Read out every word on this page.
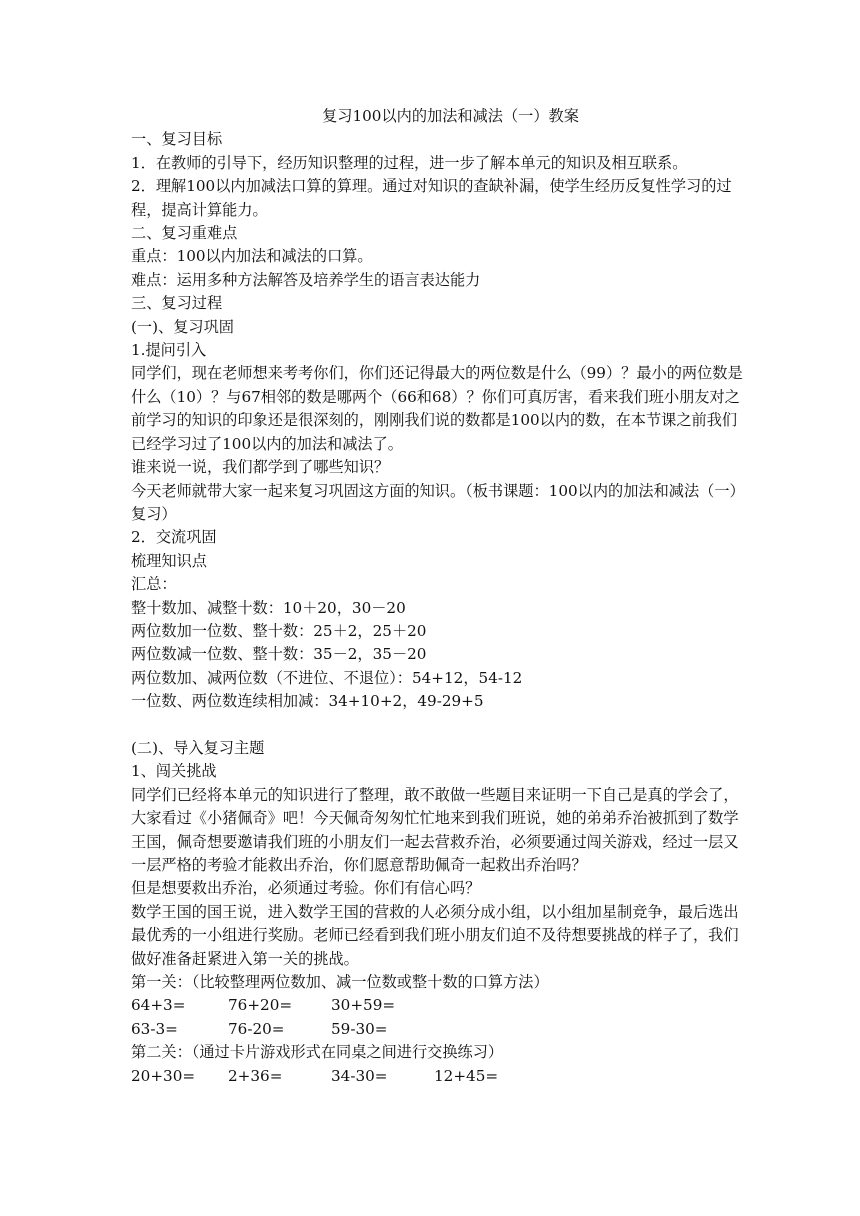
复习100以内的加法和减法（一）教案

一、复习目标

1．在教师的引导下，经历知识整理的过程，进一步了解本单元的知识及相互联系。

2．理解100以内加减法口算的算理。通过对知识的查缺补漏，使学生经历反复性学习的过程，提高计算能力。

二、复习重难点

重点：100以内加法和减法的口算。

难点：运用多种方法解答及培养学生的语言表达能力

三、复习过程

(一)、复习巩固

1.提问引入

同学们，现在老师想来考考你们，你们还记得最大的两位数是什么（99）？最小的两位数是什么（10）？与67相邻的数是哪两个（66和68）？你们可真厉害，看来我们班小朋友对之前学习的知识的印象还是很深刻的，刚刚我们说的数都是100以内的数，在本节课之前我们已经学习过了100以内的加法和减法了。

谁来说一说，我们都学到了哪些知识？

今天老师就带大家一起来复习巩固这方面的知识。（板书课题：100以内的加法和减法（一）复习）

2．交流巩固

梳理知识点

汇总：

整十数加、减整十数：10＋20，30－20

两位数加一位数、整十数：25＋2，25＋20

两位数减一位数、整十数：35－2，35－20

两位数加、减两位数（不进位、不退位）：54+12，54-12

一位数、两位数连续相加减：34+10+2，49-29+5

(二)、导入复习主题

1、闯关挑战

同学们已经将本单元的知识进行了整理，敢不敢做一些题目来证明一下自己是真的学会了，大家看过《小猪佩奇》吧！今天佩奇匆匆忙忙地来到我们班说，她的弟弟乔治被抓到了数学王国，佩奇想要邀请我们班的小朋友们一起去营救乔治，必须要通过闯关游戏，经过一层又一层严格的考验才能救出乔治，你们愿意帮助佩奇一起救出乔治吗？

但是想要救出乔治，必须通过考验。你们有信心吗？

数学王国的国王说，进入数学王国的营救的人必须分成小组，以小组加星制竞争，最后选出最优秀的一小组进行奖励。老师已经看到我们班小朋友们迫不及待想要挑战的样子了，我们做好准备赶紧进入第一关的挑战。

第一关：（比较整理两位数加、减一位数或整十数的口算方法）

64+3=	76+20=	30+59=
63-3=	76-20=	59-30=

第二关：（通过卡片游戏形式在同桌之间进行交换练习）

20+30=	2+36=	34-30=	12+45=
